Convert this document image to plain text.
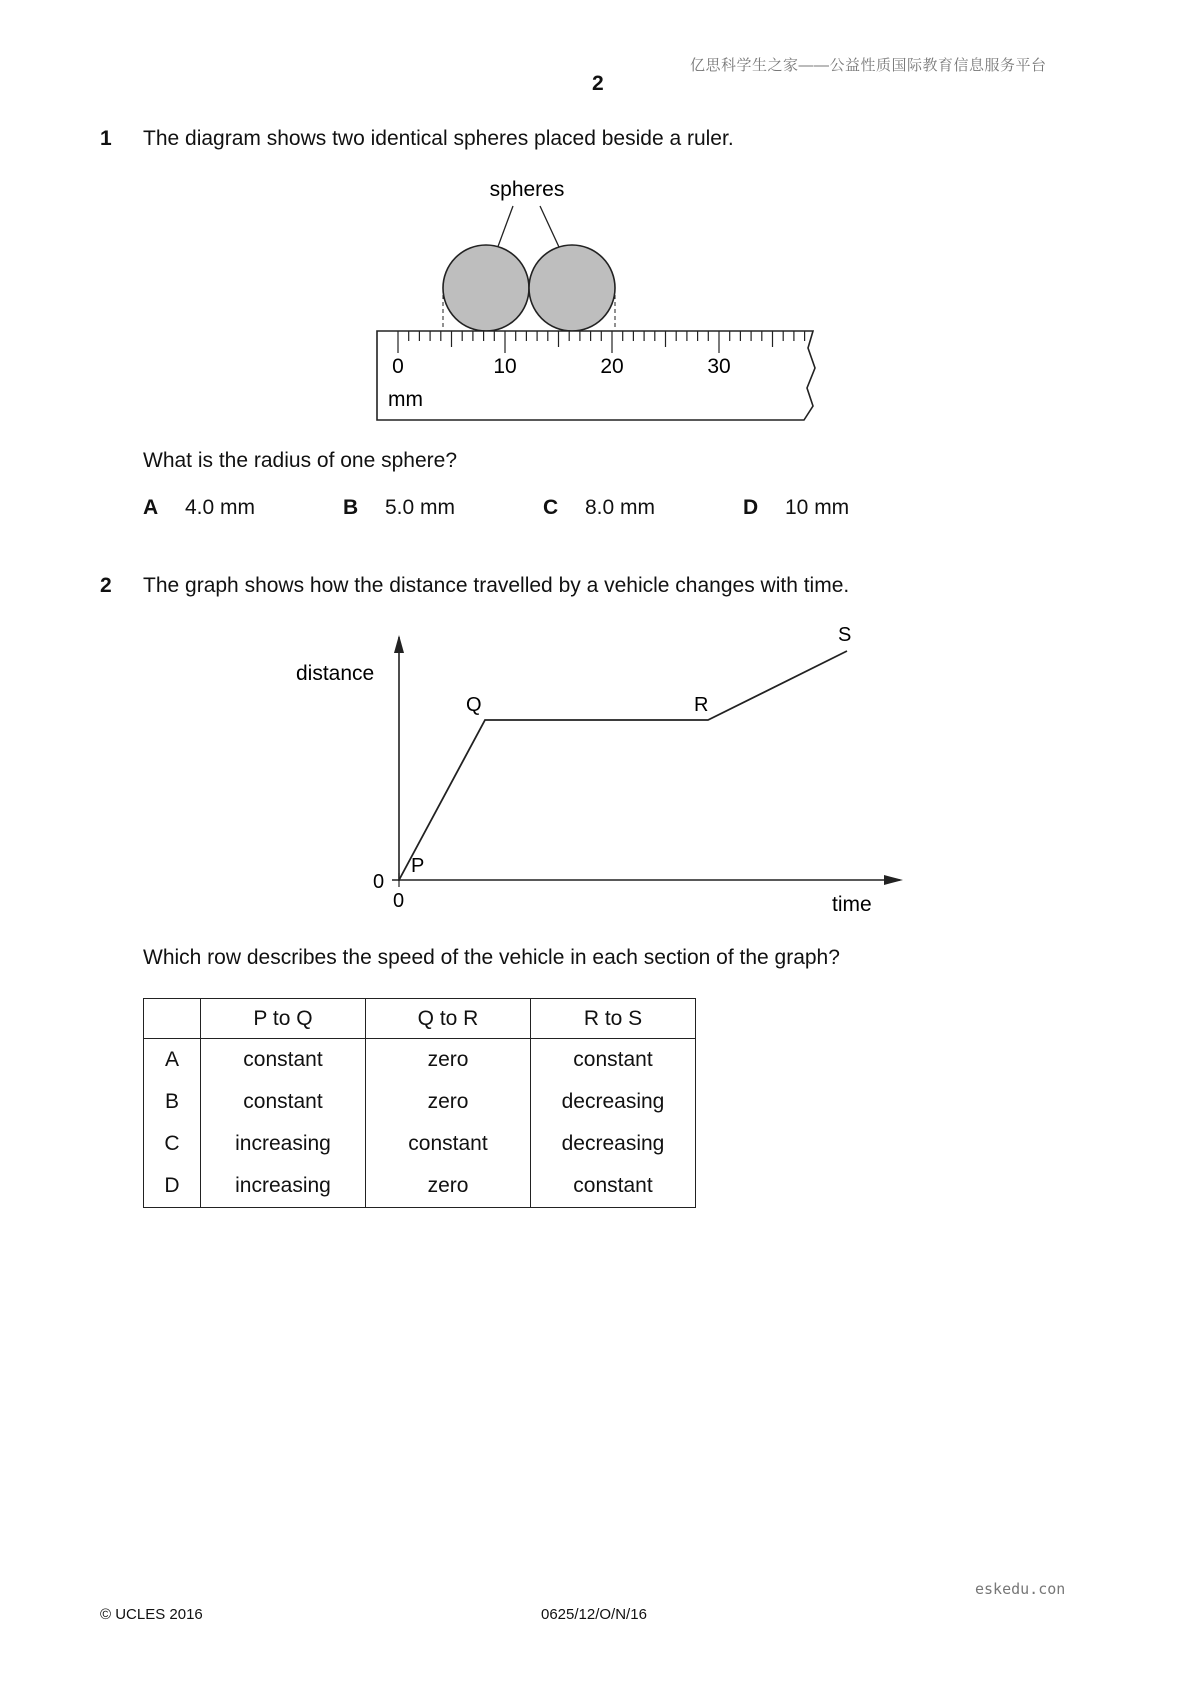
亿思科学生之家——公益性质国际教育信息服务平台
2
1 The diagram shows two identical spheres placed beside a ruler.
spheres
0	10	20	30
mm
What is the radius of one sphere?
A 4.0 mm	B 5.0 mm	C 8.0 mm	D 10 mm
2 The graph shows how the distance travelled by a vehicle changes with time.
distance
time
0
0
P
Q	R
S
Which row describes the speed of the vehicle in each section of the graph?
	P to Q	Q to R	R to S
A	constant	zero	constant
B	constant	zero	decreasing
C	increasing	constant	decreasing
D	increasing	zero	constant
eskedu.con
© UCLES 2016	0625/12/O/N/16
